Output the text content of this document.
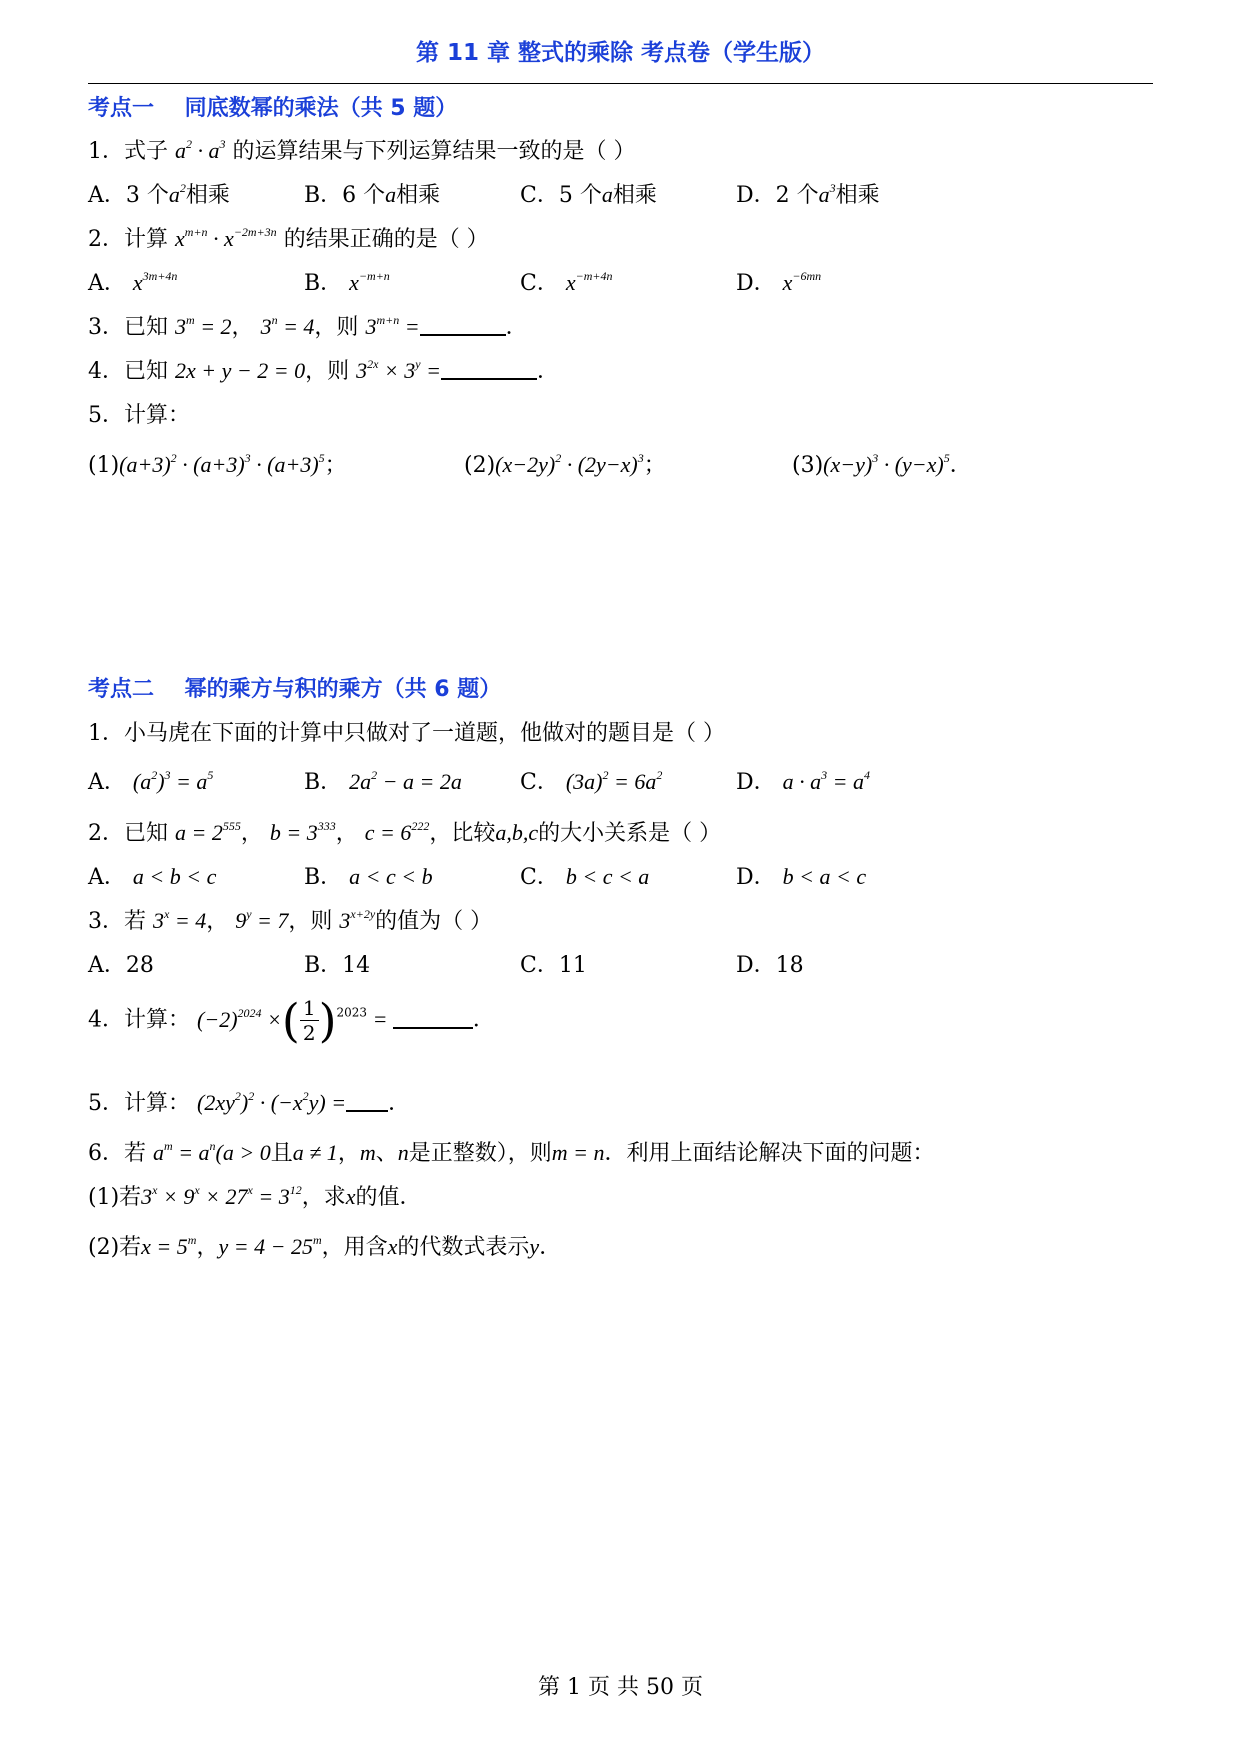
第 11 章 整式的乘除 考点卷（学生版）
考点一    同底数幂的乘法（共 5 题）
1．式子 $a^2 \cdot a^3$ 的运算结果与下列运算结果一致的是（ ）
A．3 个$a^2$相乘	B．6 个a相乘	C．5 个a相乘	D．2 个$a^3$相乘
2．计算 $x^{m+n} \cdot x^{-2m+3n}$ 的结果正确的是（ ）
A． $x^{3m+4n}$	B． $x^{-m+n}$	C． $x^{-m+4n}$	D． $x^{-6mn}$
3．已知 $3^m = 2$， $3^n = 4$，则 $3^{m+n}$ =	．
4．已知 2x + y − 2 = 0，则 $3^{2x} \times 3^y$ =	．
5．计算：
$(1)(a+3)^2 \cdot (a+3)^3 \cdot (a+3)^5$；	$(2)(x-2y)^2 \cdot (2y-x)^3$；	$(3)(x-y)^3 \cdot (y-x)^5$．
考点二    幂的乘方与积的乘方（共 6 题）
1．小马虎在下面的计算中只做对了一道题，他做对的题目是（ ）
A． $(a^2)^3 = a^5$	B． $2a^2 - a = 2a$	C． $(3a)^2 = 6a^2$	D． $a \cdot a^3 = a^4$
2．已知 $a = 2^{555}$， $b = 3^{333}$， $c = 6^{222}$，比较a,b,c的大小关系是（ ）
A． a < b < c	B． a < c < b	C． b < c < a	D． b < a < c
3．若 $3^x = 4$， $9^y = 7$，则 $3^{x+2y}$的值为（ ）
A．28	B．14	C．11	D．18
4．计算： $(-2)^{2024}$ ×( $\frac{1}{2} )^{2023}$ =	．
5．计算： $(2xy^2)^2 \cdot (-x^2y)$ = ．
6．若 $a^m = a^n(a > 0$且a ≠ 1，m、n是正整数），则m = n．利用上面结论解决下面的问题：
(1)若$3^x \times 9^x \times 27^x = 3^{12}$，求x的值．
(2)若$x = 5^m$，$y = 4 - 25^m$，用含x的代数式表示y．
第 1 页 共 50 页
